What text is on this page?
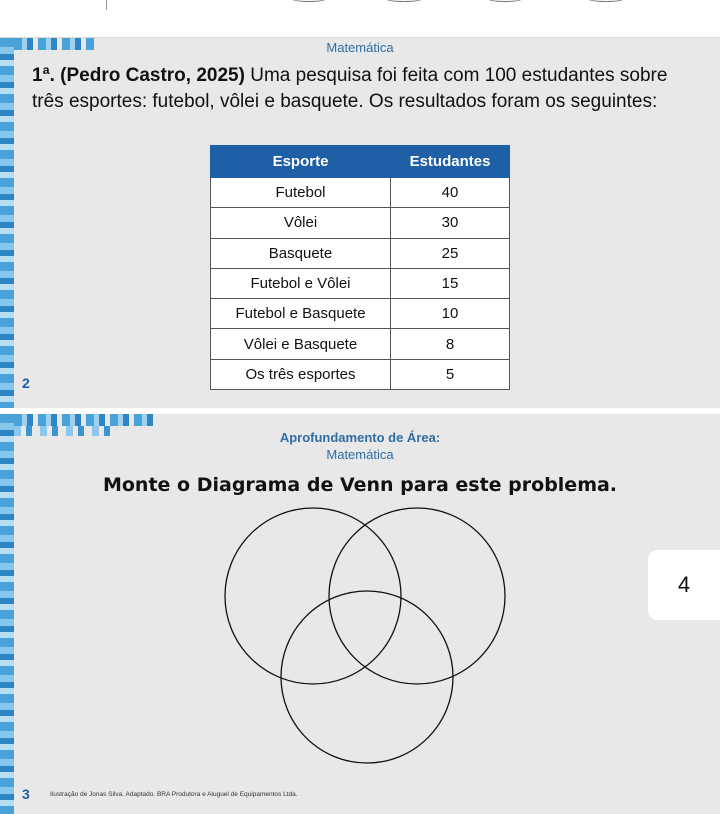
Matemática
1ª. (Pedro Castro, 2025) Uma pesquisa foi feita com 100 estudantes sobre três esportes: futebol, vôlei e basquete. Os resultados foram os seguintes:
Esporte	Estudantes
Futebol	40
Vôlei	30
Basquete	25
Futebol e Vôlei	15
Futebol e Basquete	10
Vôlei e Basquete	8
Os três esportes	5
2
Aprofundamento de Área:
Matemática
Monte o Diagrama de Venn para este problema.
4
3	Ilustração de Jonas Silva. Adaptado. BRA Produtora e Aluguel de Equipamentos Ltda.
